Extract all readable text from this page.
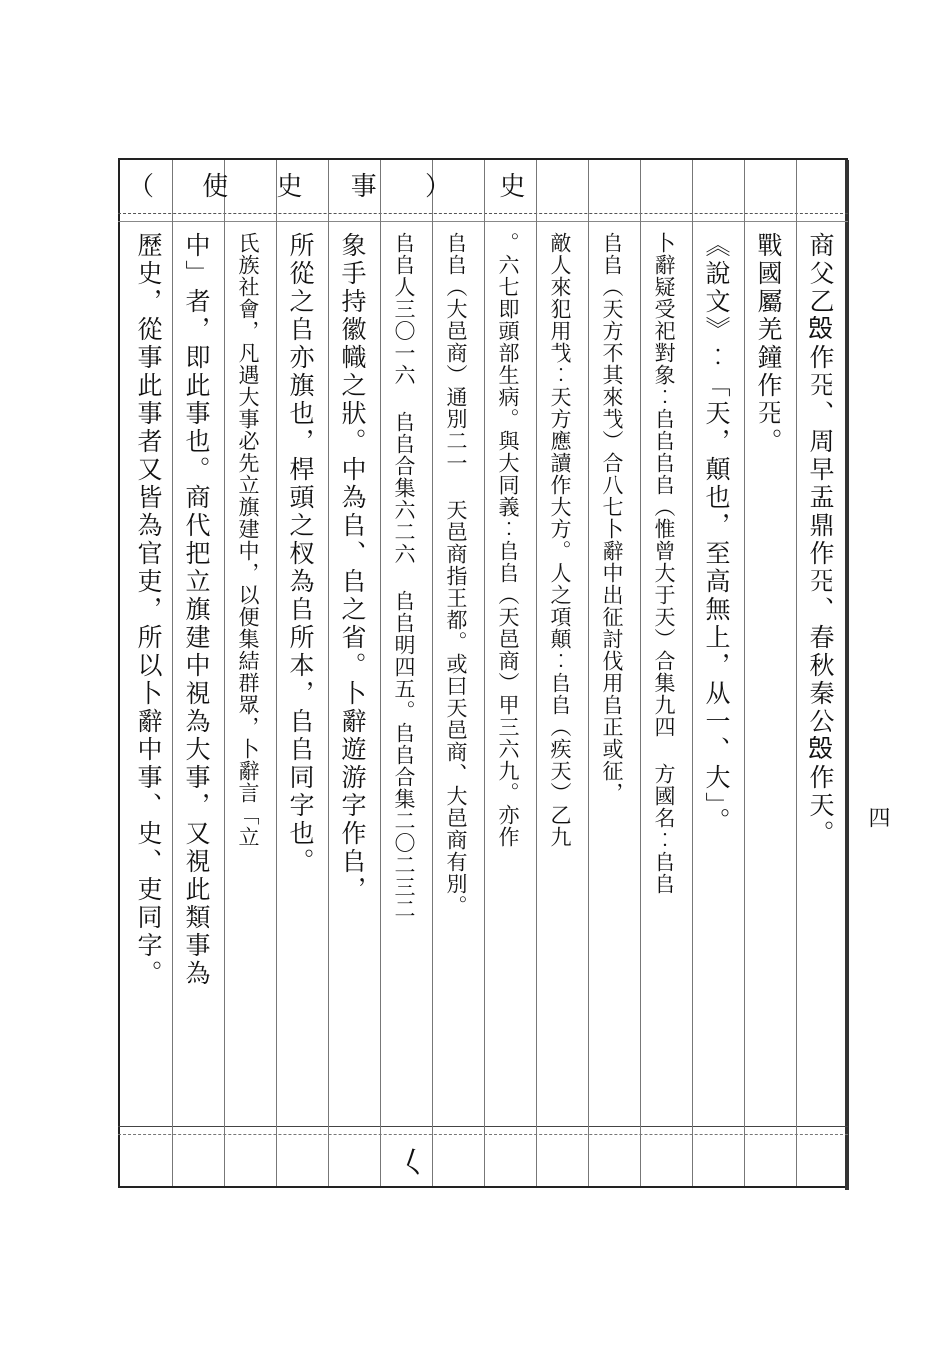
（ 使 史 事 ） 史
四
𡿨
商父乙𣪕作𠀘、周早盂鼎作𠀘、春秋秦公𣪕作天。
戰國屬羌鐘作𠀘。
《說文》︰「天，顛也，至高無上，从一、大」。
卜辭疑受祀對象︰𠂤𠂤𠂤𠂤（惟曾大于天）合集九四 方國名︰𠂤𠂤
𠂤𠂤（天方不其來𢦏）合八七卜辭中出征討伐用𠂤正或征，
敵人來犯用𢦏︰天方應讀作大方。人之項顛︰𠂤𠂤（疾天）乙九
。六七即頭部生病。與大同義︰𠂤𠂤（天邑商）甲三六九。亦作
𠂤𠂤（大邑商）通別二一 天邑商指王都。或曰天邑商、大邑商有別。
𠂤𠂤人三〇一六 𠂤𠂤合集六二六 𠂤𠂤明四五。𠂤𠂤合集二〇二三二
象手持徽幟之狀。中為𠂤、𠂤之省。卜辭遊游字作𠂤，
所從之𠂤亦旗也，桿頭之杈為𠂤所本，𠂤𠂤同字也。
氏族社會，凡遇大事必先立旗建中，以便集結群眾，卜辭言「立
中」者，即此事也。商代把立旗建中視為大事，又視此類事為
歷史，從事此事者又皆為官吏，所以卜辭中事、史、吏同字。
